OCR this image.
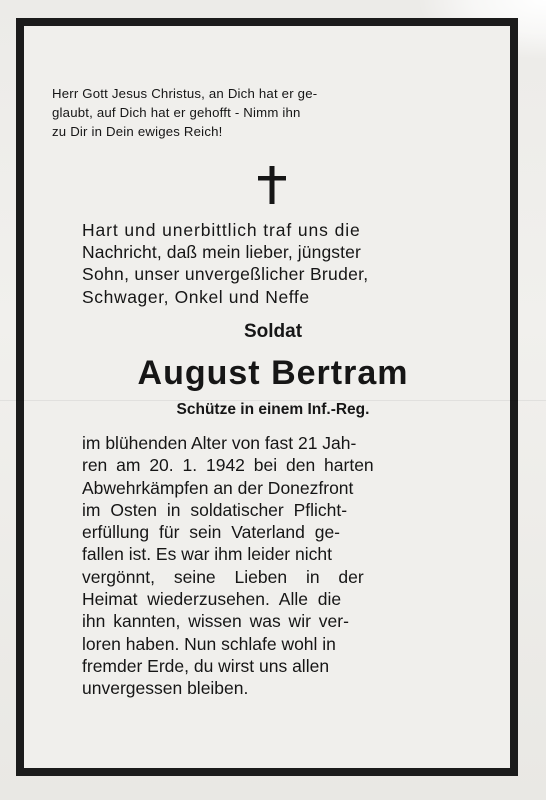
Herr Gott Jesus Christus, an Dich hat er ge-
glaubt, auf Dich hat er gehofft - Nimm ihn
zu Dir in Dein ewiges Reich!
Hart und unerbittlich traf uns die
Nachricht, daß mein lieber, jüngster
Sohn, unser unvergeßlicher Bruder,
Schwager, Onkel und Neffe
Soldat
August Bertram
Schütze in einem Inf.-Reg.
im blühenden Alter von fast 21 Jah-
ren am 20. 1. 1942 bei den harten
Abwehrkämpfen an der Donezfront
im Osten in soldatischer Pflicht-
erfüllung für sein Vaterland ge-
fallen ist. Es war ihm leider nicht
vergönnt, seine Lieben in der
Heimat wiederzusehen. Alle die
ihn kannten, wissen was wir ver-
loren haben. Nun schlafe wohl in
fremder Erde, du wirst uns allen
unvergessen bleiben.
